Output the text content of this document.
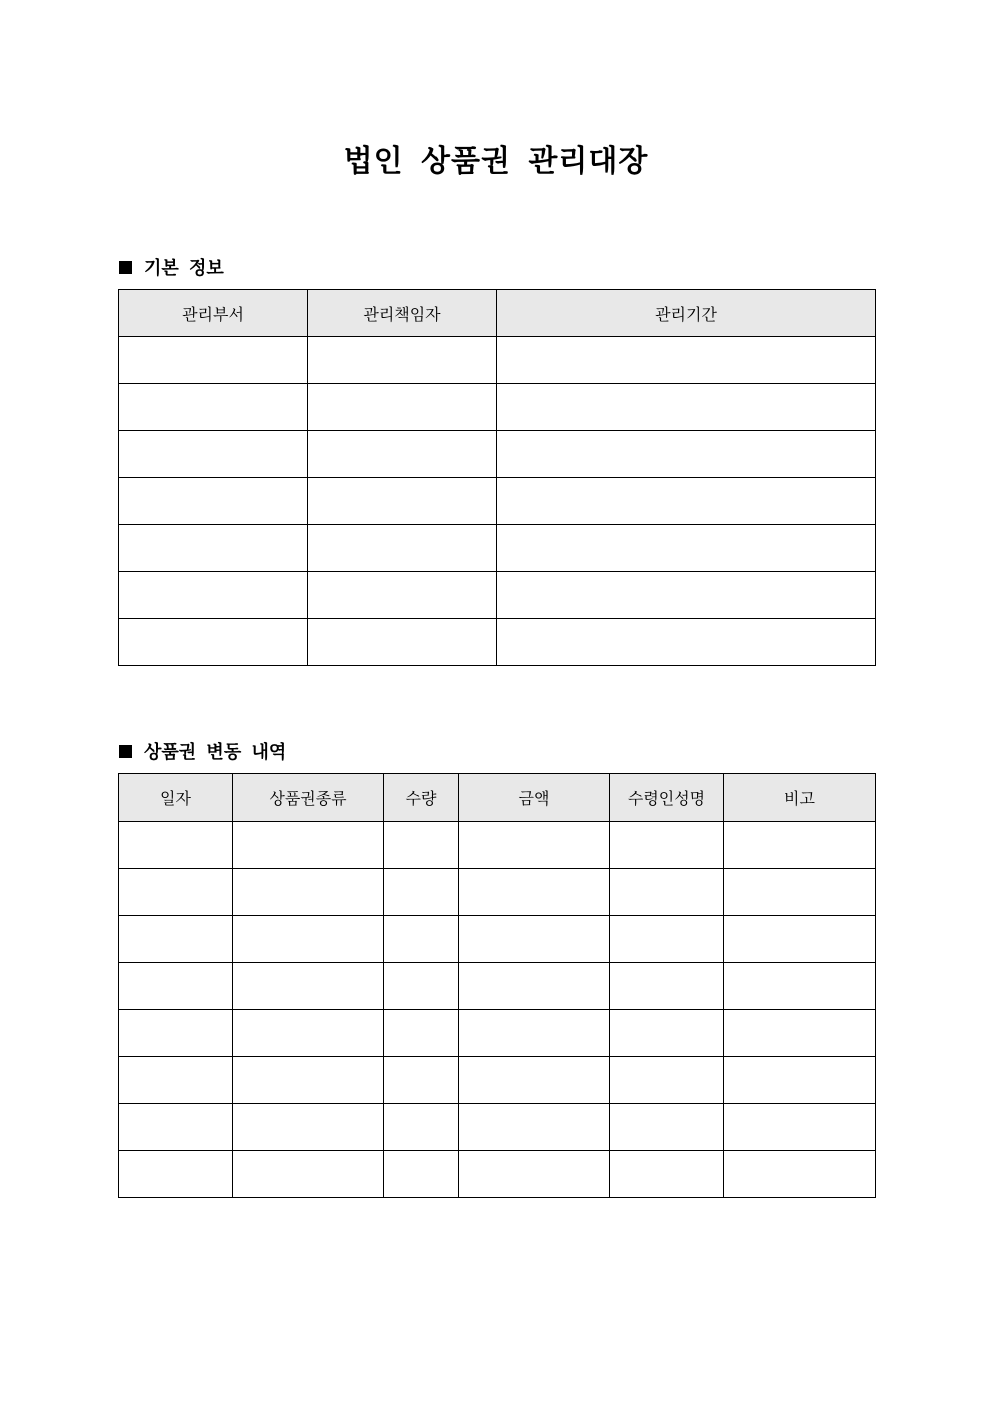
법인 상품권 관리대장
기본 정보
관리부서	관리책임자	관리기간

상품권 변동 내역
일자	상품권종류	수량	금액	수령인성명	비고
